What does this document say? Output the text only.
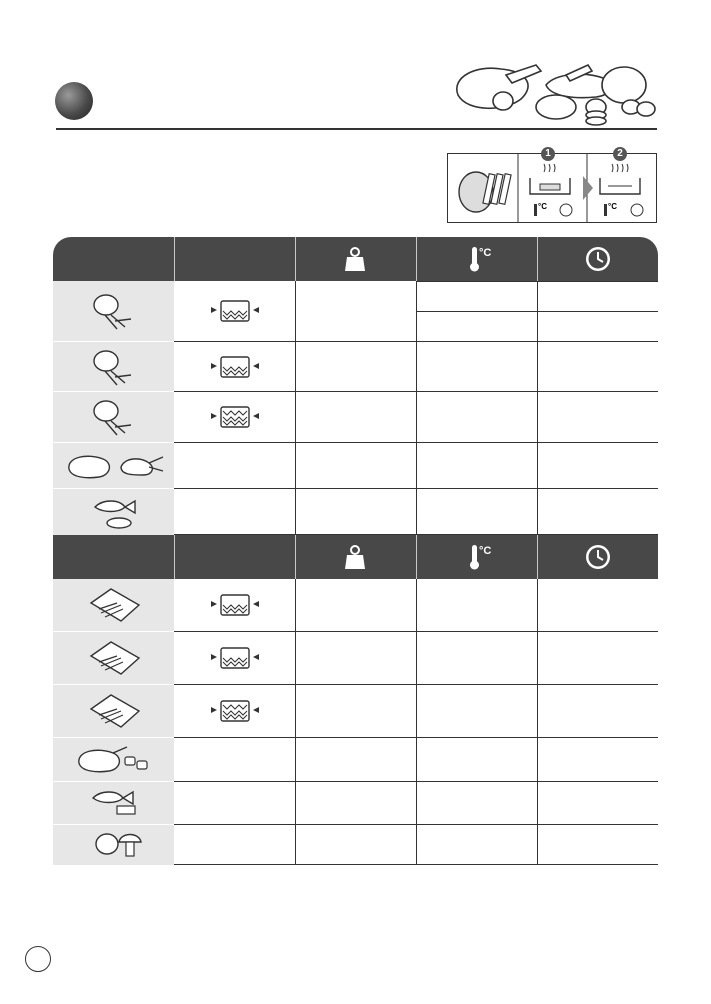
1	2
°C	°C
°C
°C
